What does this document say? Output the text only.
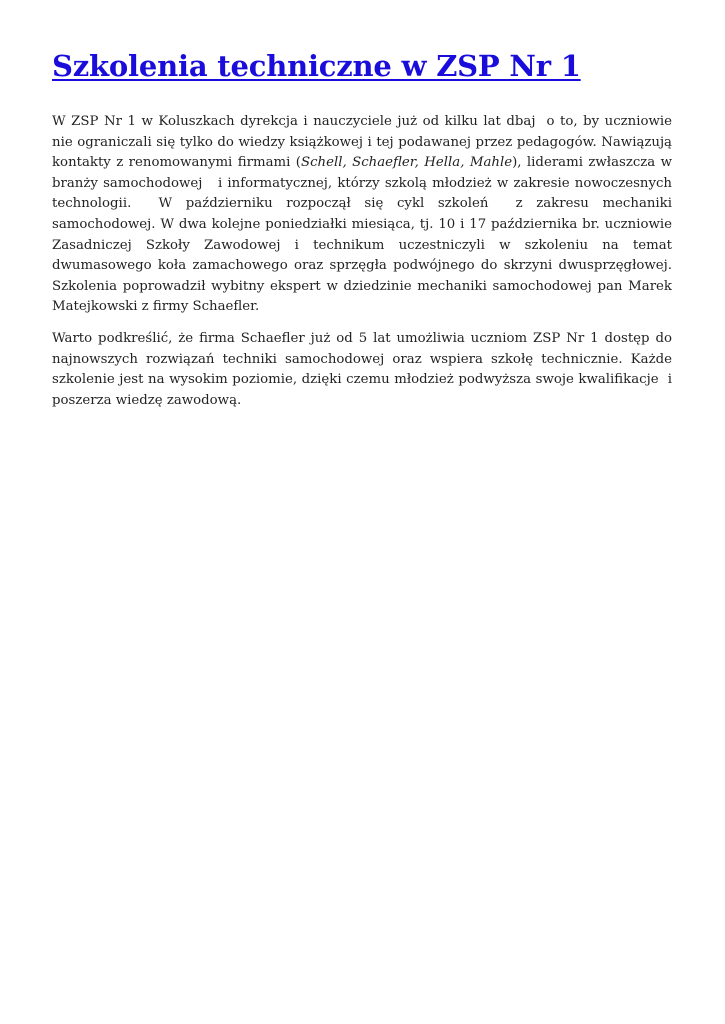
Szkolenia techniczne w ZSP Nr 1

W ZSP Nr 1 w Koluszkach dyrekcja i nauczyciele już od kilku lat dbaj  o to, by uczniowie nie ograniczali się tylko do wiedzy książkowej i tej podawanej przez pedagogów. Nawiązują kontakty z renomowanymi firmami (Schell, Schaefler, Hella, Mahle), liderami zwłaszcza w branży samochodowej   i informatycznej, którzy szkolą młodzież w zakresie nowoczesnych technologii.  W październiku rozpoczął się cykl szkoleń  z zakresu mechaniki samochodowej. W dwa kolejne poniedziałki miesiąca, tj. 10 i 17 października br. uczniowie Zasadniczej Szkoły Zawodowej i technikum uczestniczyli w szkoleniu na temat dwumasowego koła zamachowego oraz sprzęgła podwójnego do skrzyni dwusprzęgłowej. Szkolenia poprowadził wybitny ekspert w dziedzinie mechaniki samochodowej pan Marek Matejkowski z firmy Schaefler.

Warto podkreślić, że firma Schaefler już od 5 lat umożliwia uczniom ZSP Nr 1 dostęp do najnowszych rozwiązań techniki samochodowej oraz wspiera szkołę technicznie. Każde szkolenie jest na wysokim poziomie, dzięki czemu młodzież podwyższa swoje kwalifikacje  i poszerza wiedzę zawodową.
